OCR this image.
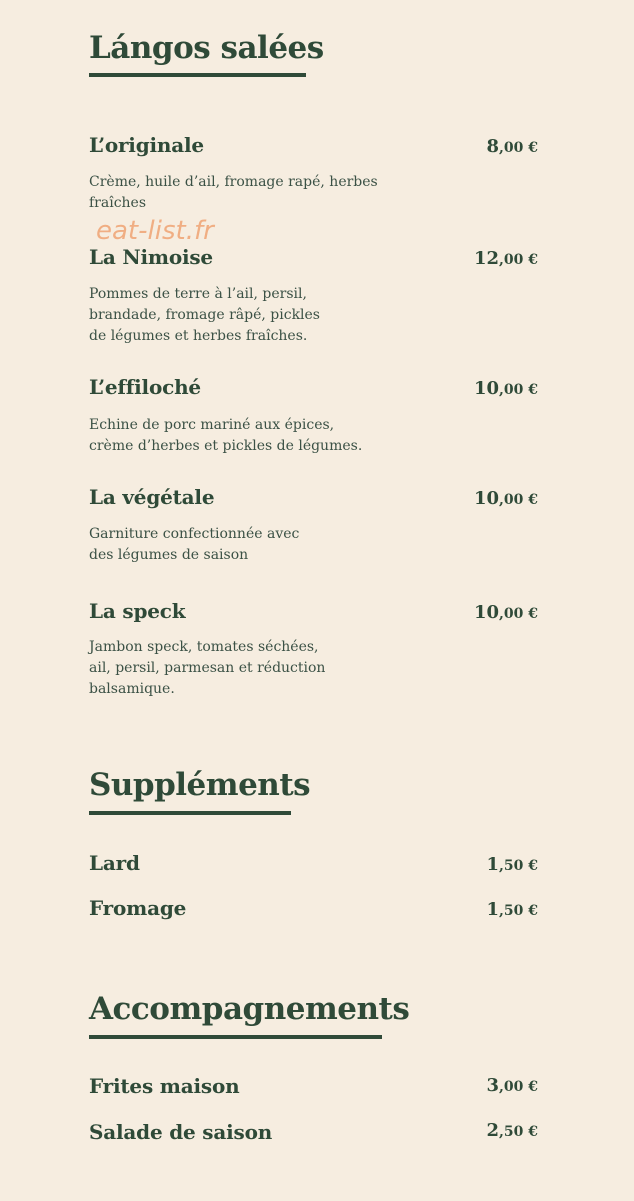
Lángos salées
L’originale	8,00 €

Crème, huile d’ail, fromage rapé, herbes fraîches

La Nimoise	12,00 €

Pommes de terre à l’ail, persil, brandade, fromage râpé, pickles de légumes et herbes fraîches.

L’effiloché	10,00 €

Echine de porc mariné aux épices, crème d’herbes et pickles de légumes.

La végétale	10,00 €

Garniture confectionnée avec des légumes de saison

La speck	10,00 €

Jambon speck, tomates séchées, ail, persil, parmesan et réduction balsamique.

Suppléments
Lard	1,50 €
Fromage	1,50 €
Accompagnements
Frites maison	3,00 €
Salade de saison	2,50 €
eat-list.fr
